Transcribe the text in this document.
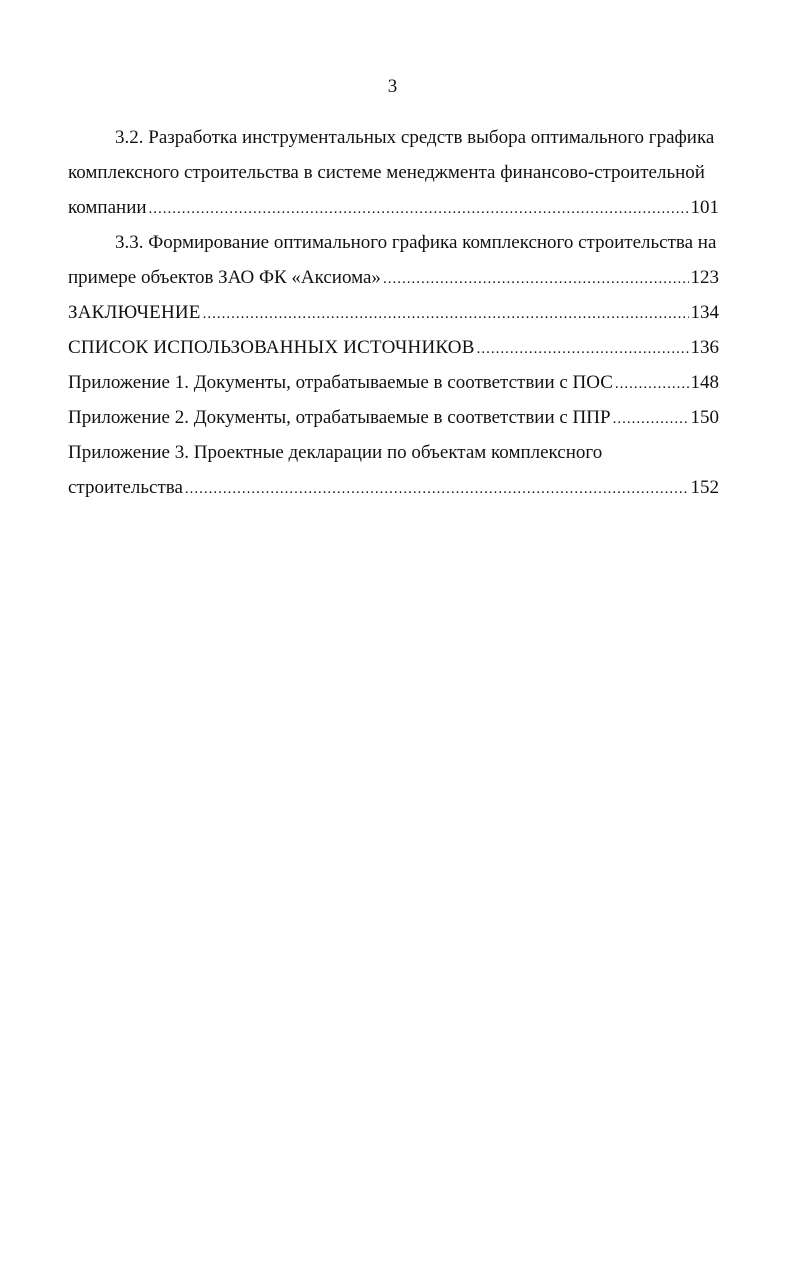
3
3.2. Разработка инструментальных средств выбора оптимального графика
комплексного строительства в системе менеджмента финансово-строительной
компании .....	101
3.3. Формирование оптимального графика комплексного строительства на
примере объектов ЗАО ФК «Аксиома» .....	123
ЗАКЛЮЧЕНИЕ .....	134
СПИСОК ИСПОЛЬЗОВАННЫХ ИСТОЧНИКОВ .....	136
Приложение 1. Документы, отрабатываемые в соответствии с ПОС .....	148
Приложение 2. Документы, отрабатываемые в соответствии с ППР .....	150
Приложение 3. Проектные декларации по объектам комплексного
строительства .....	152
